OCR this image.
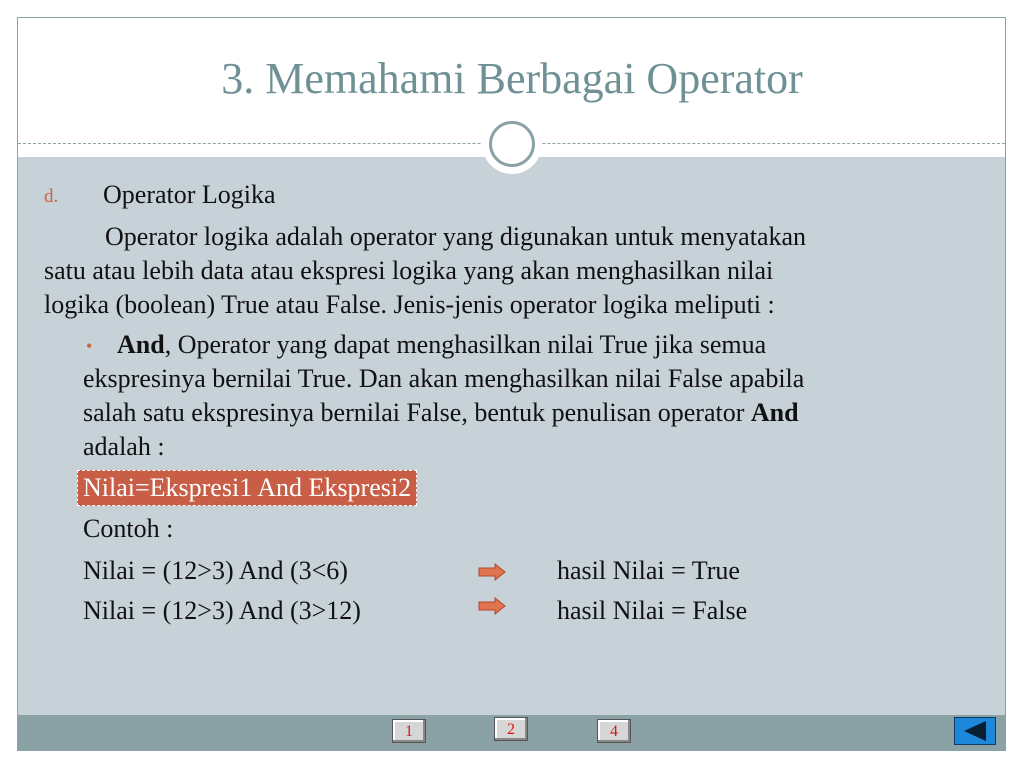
3. Memahami Berbagai Operator
d. Operator Logika
Operator logika adalah operator yang digunakan untuk menyatakan
satu atau lebih data atau ekspresi logika yang akan menghasilkan nilai
logika (boolean) True atau False. Jenis-jenis operator logika meliputi :
• And, Operator yang dapat menghasilkan nilai True jika semua
ekspresinya bernilai True. Dan akan menghasilkan nilai False apabila
salah satu ekspresinya bernilai False, bentuk penulisan operator And
adalah :
Nilai=Ekspresi1 And Ekspresi2
Contoh :
Nilai = (12>3) And (3<6)	hasil Nilai = True
Nilai = (12>3) And (3>12)	hasil Nilai = False
1	2	4
